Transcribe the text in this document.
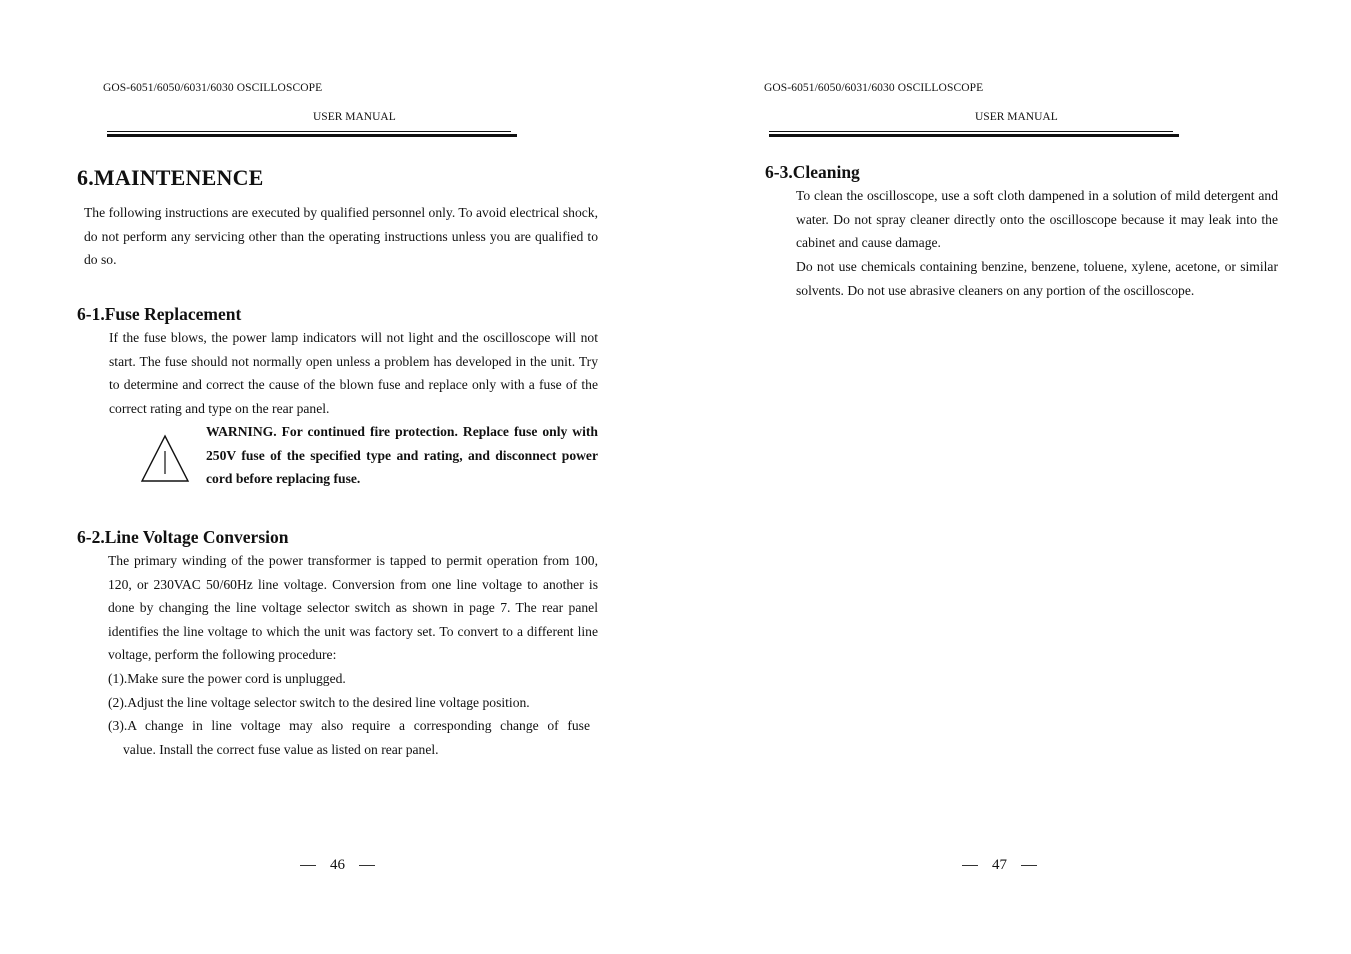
GOS-6051/6050/6031/6030 OSCILLOSCOPE
USER MANUAL
6.MAINTENENCE
The following instructions are executed by qualified personnel only. To avoid electrical shock, do not perform any servicing other than the operating instructions unless you are qualified to do so.
6-1.Fuse Replacement
If the fuse blows, the power lamp indicators will not light and the oscilloscope will not start. The fuse should not normally open unless a problem has developed in the unit. Try to determine and correct the cause of the blown fuse and replace only with a fuse of the correct rating and type on the rear panel.
WARNING. For continued fire protection. Replace fuse only with 250V fuse of the specified type and rating, and disconnect power cord before replacing fuse.
6-2.Line Voltage Conversion
The primary winding of the power transformer is tapped to permit operation from 100, 120, or 230VAC 50/60Hz line voltage. Conversion from one line voltage to another is done by changing the line voltage selector switch as shown in page 7. The rear panel identifies the line voltage to which the unit was factory set. To convert to a different line voltage, perform the following procedure:
(1).Make sure the power cord is unplugged.
(2).Adjust the line voltage selector switch to the desired line voltage position.
(3).A change in line voltage may also require a corresponding change of fuse
value. Install the correct fuse value as listed on rear panel.
46
GOS-6051/6050/6031/6030 OSCILLOSCOPE
USER MANUAL
6-3.Cleaning
To clean the oscilloscope, use a soft cloth dampened in a solution of mild detergent and water. Do not spray cleaner directly onto the oscilloscope because it may leak into the cabinet and cause damage.
Do not use chemicals containing benzine, benzene, toluene, xylene, acetone, or similar solvents. Do not use abrasive cleaners on any portion of the oscilloscope.
47
